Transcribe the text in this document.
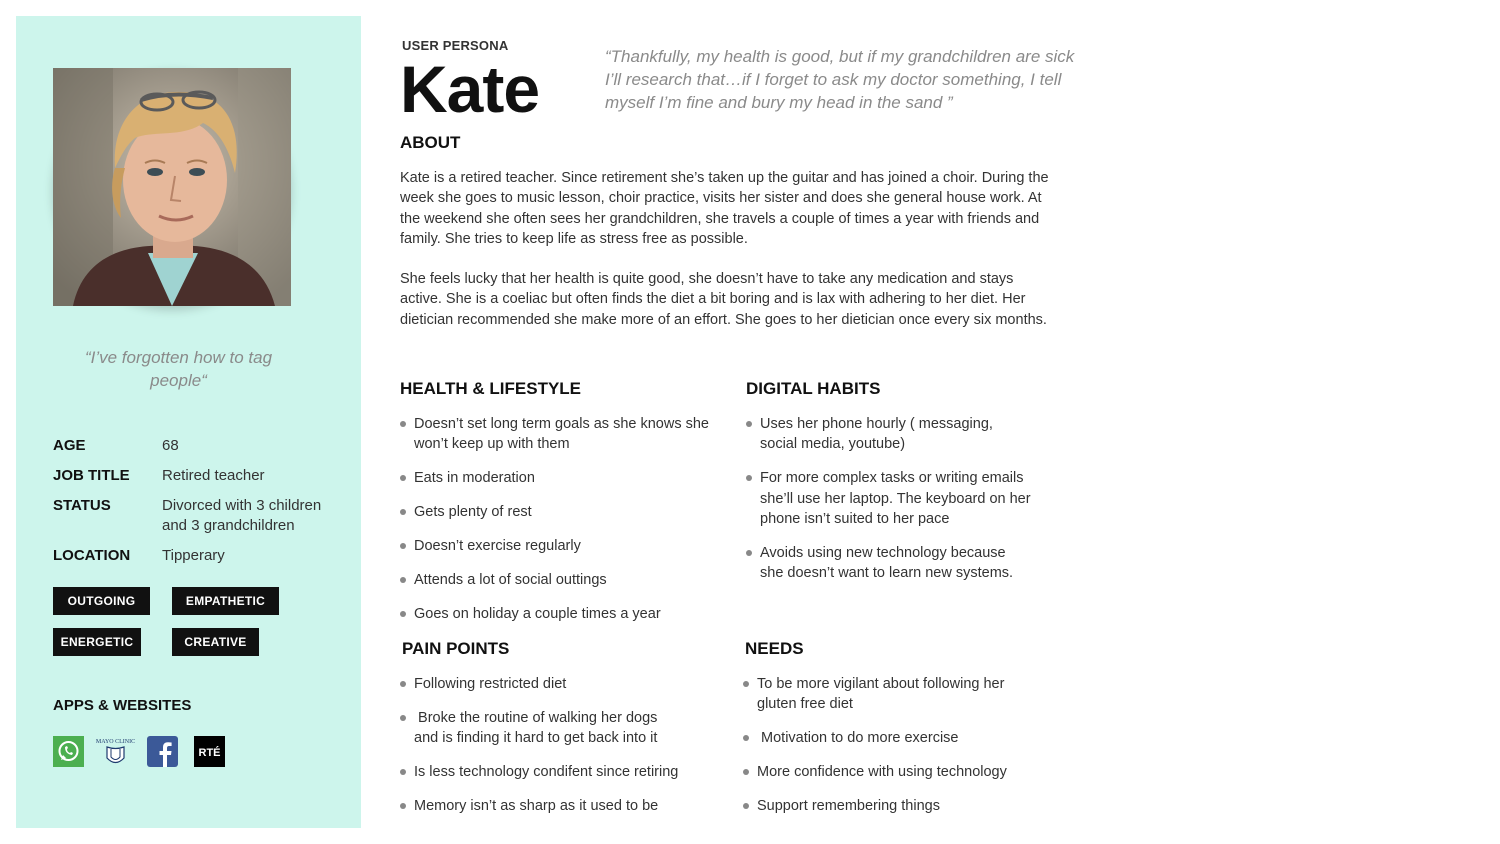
“I’ve forgotten how to tag people“
AGE	68
JOB TITLE	Retired teacher
STATUS	Divorced with 3 children and 3 grandchildren
LOCATION	Tipperary
OUTGOING	EMPATHETIC
ENERGETIC	CREATIVE
APPS & WEBSITES
MAYO CLINIC
RTÉ
USER PERSONA
Kate	“Thankfully, my health is good, but if my grandchildren are sick I’ll research that…if I forget to ask my doctor something, I tell myself I’m fine and bury my head in the sand ”
ABOUT

Kate is a retired teacher. Since retirement she’s taken up the guitar and has joined a choir. During the week she goes to music lesson, choir practice, visits her sister and does she general house work. At the weekend she often sees her grandchildren, she travels a couple of times a year with friends and family. She tries to keep life as stress free as possible.

She feels lucky that her health is quite good, she doesn’t have to take any medication and stays active. She is a coeliac but often finds the diet a bit boring and is lax with adhering to her diet. Her dietician recommended she make more of an effort. She goes to her dietician once every six months.

HEALTH & LIFESTYLE
Doesn’t set long term goals as she knows she won’t keep up with them
Eats in moderation
Gets plenty of rest
Doesn’t exercise regularly
Attends a lot of social outtings
Goes on holiday a couple times a year
DIGITAL HABITS
Uses her phone hourly ( messaging, social media, youtube)
For more complex tasks or writing emails she’ll use her laptop. The keyboard on her phone isn’t suited to her pace
Avoids using new technology because she doesn’t want to learn new systems.
PAIN POINTS
Following restricted diet
Broke the routine of walking her dogs and is finding it hard to get back into it
Is less technology condifent since retiring
Memory isn’t as sharp as it used to be
NEEDS
To be more vigilant about following her gluten free diet
Motivation to do more exercise
More confidence with using technology
Support remembering things
